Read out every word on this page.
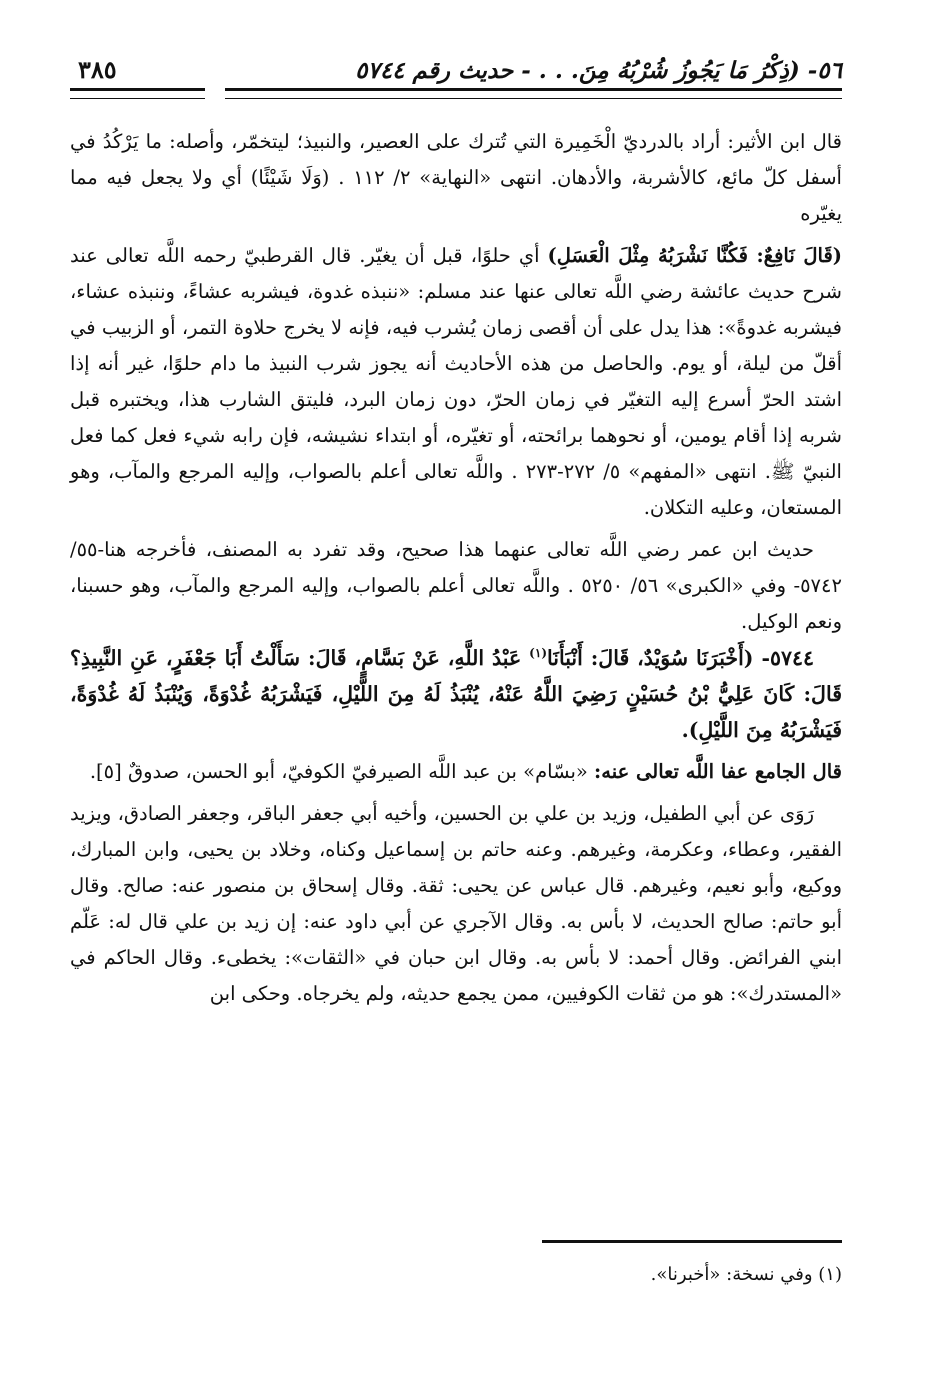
٥٦- (ذِكْرُ مَا يَجُوزُ شُرْبُهُ مِنَ. . . - حديث رقم ٥٧٤٤
٣٨٥

قال ابن الأثير: أراد بالدرديّ الْخَمِيرة التي تُترك على العصير، والنبيذ؛ ليتخمّر، وأصله: ما يَرْكُدُ في أسفل كلّ مائع، كالأشربة، والأدهان. انتهى «النهاية» ٢/ ١١٢ . (وَلَا شَيْئًا) أي ولا يجعل فيه مما يغيّره

(قَالَ نَافِعٌ: فَكُنَّا نَشْرَبُهُ مِثْلَ الْعَسَلِ) أي حلوًا، قبل أن يغيّر. قال القرطبيّ رحمه اللَّه تعالى عند شرح حديث عائشة رضي اللَّه تعالى عنها عند مسلم: «ننبذه غدوة، فيشربه عشاءً، وننبذه عشاء، فيشربه غدوةً»: هذا يدل على أن أقصى زمان يُشرب فيه، فإنه لا يخرج حلاوة التمر، أو الزبيب في أقلّ من ليلة، أو يوم. والحاصل من هذه الأحاديث أنه يجوز شرب النبيذ ما دام حلوًا، غير أنه إذا اشتد الحرّ أسرع إليه التغيّر في زمان الحرّ، دون زمان البرد، فليتق الشارب هذا، ويختبره قبل شربه إذا أقام يومين، أو نحوهما برائحته، أو تغيّره، أو ابتداء نشيشه، فإن رابه شيء فعل كما فعل النبيّ ﷺ. انتهى «المفهم» ٥/ ٢٧٢-٢٧٣ . واللَّه تعالى أعلم بالصواب، وإليه المرجع والمآب، وهو المستعان، وعليه التكلان.

حديث ابن عمر رضي اللَّه تعالى عنهما هذا صحيح، وقد تفرد به المصنف، فأخرجه هنا-٥٥/ ٥٧٤٢- وفي «الكبرى» ٥٦/ ٥٢٥٠ . واللَّه تعالى أعلم بالصواب، وإليه المرجع والمآب، وهو حسبنا، ونعم الوكيل.

٥٧٤٤- (أَخْبَرَنَا سُوَيْدٌ، قَالَ: أَنْبَأَنَا$^{(١)}$ عَبْدُ اللَّهِ، عَنْ بَسَّامٍ، قَالَ: سَأَلْتُ أَبَا جَعْفَرٍ، عَنِ النَّبِيذِ؟ قَالَ: كَانَ عَلِيُّ بْنُ حُسَيْنٍ رَضِيَ اللَّهُ عَنْهُ، يُنْبَذُ لَهُ مِنَ اللَّيْلِ، فَيَشْرَبُهُ غُدْوَةً، وَيُنْبَذُ لَهُ غُدْوَةً، فَيَشْرَبُهُ مِنَ اللَّيْلِ).

قال الجامع عفا اللَّه تعالى عنه: «بسّام» بن عبد اللَّه الصيرفيّ الكوفيّ، أبو الحسن، صدوقٌ [٥].

رَوَى عن أبي الطفيل، وزيد بن علي بن الحسين، وأخيه أبي جعفر الباقر، وجعفر الصادق، ويزيد الفقير، وعطاء، وعكرمة، وغيرهم. وعنه حاتم بن إسماعيل وكناه، وخلاد بن يحيى، وابن المبارك، ووكيع، وأبو نعيم، وغيرهم. قال عباس عن يحيى: ثقة. وقال إسحاق بن منصور عنه: صالح. وقال أبو حاتم: صالح الحديث، لا بأس به. وقال الآجري عن أبي داود عنه: إن زيد بن علي قال له: عَلّم ابني الفرائض. وقال أحمد: لا بأس به. وقال ابن حبان في «الثقات»: يخطىء. وقال الحاكم في «المستدرك»: هو من ثقات الكوفيين، ممن يجمع حديثه، ولم يخرجاه. وحكى ابن

(١) وفي نسخة: «أخبرنا».
